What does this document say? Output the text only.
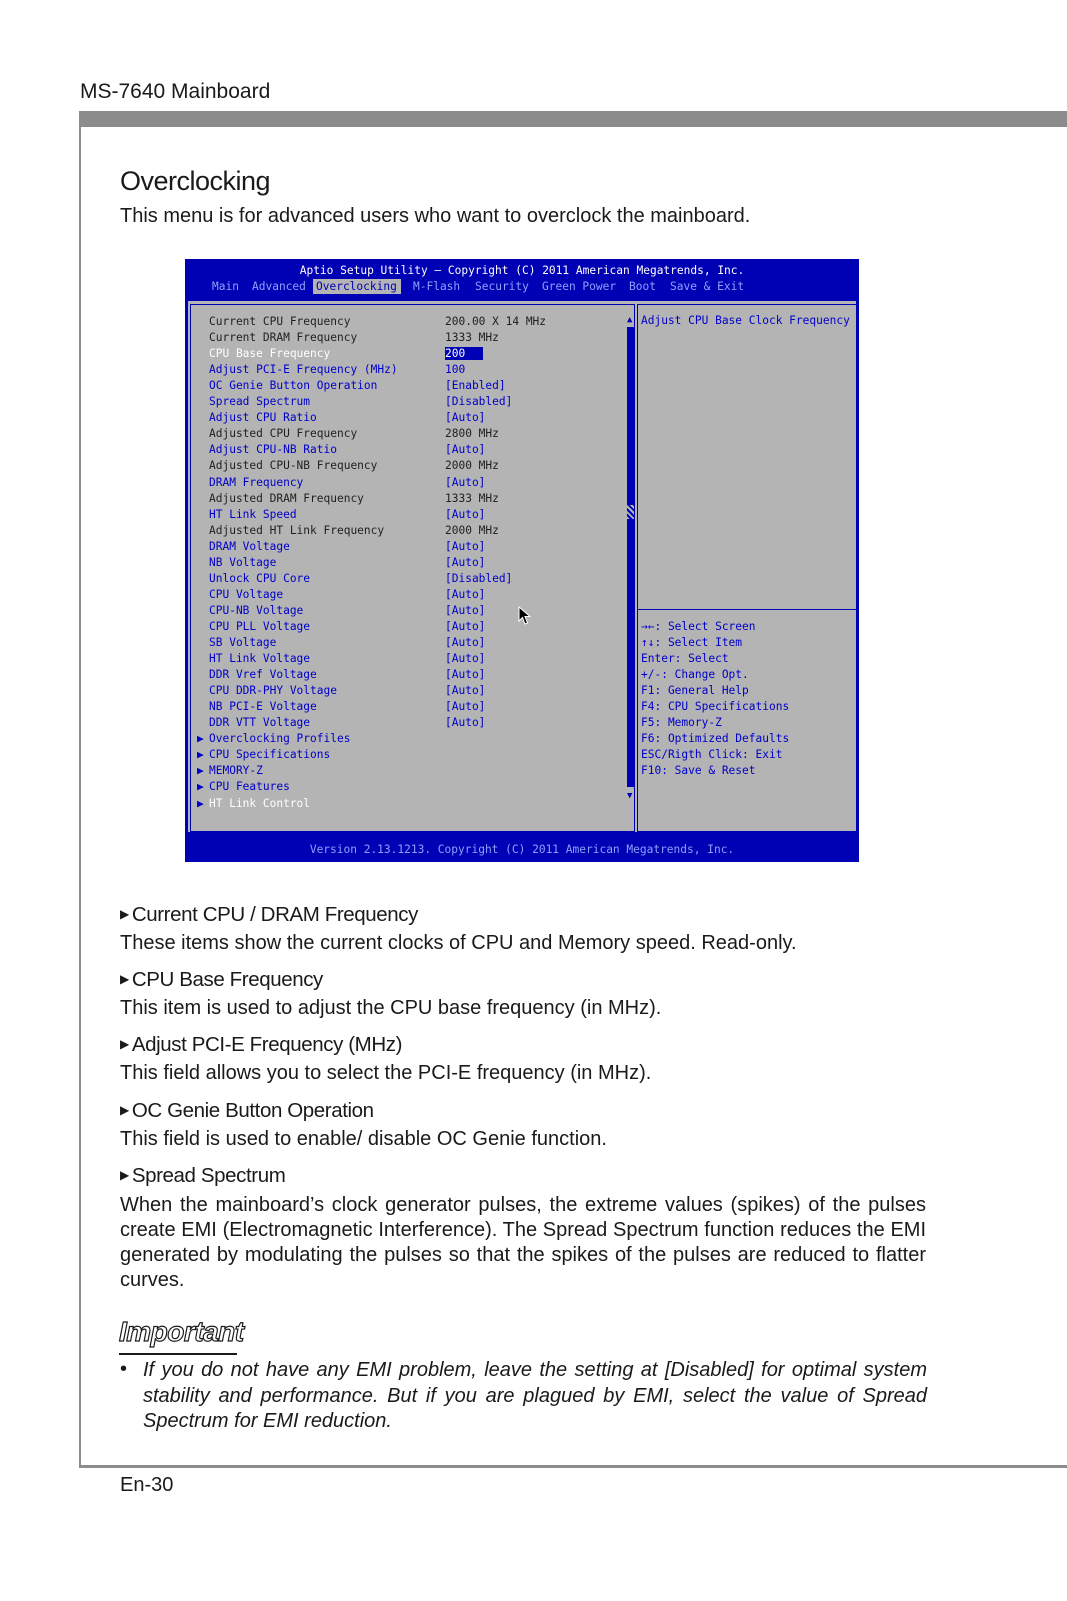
MS-7640 Mainboard
Overclocking
This menu is for advanced users who want to overclock the mainboard.
Aptio Setup Utility – Copyright (C) 2011 American Megatrends, Inc.
Main Advanced Overclocking	M-Flash Security Green Power Boot Save & Exit
▲
▼
Current CPU Frequency	200.00 X 14 MHz
Current DRAM Frequency	1333 MHz
CPU Base Frequency	200
Adjust PCI-E Frequency (MHz)	100
OC Genie Button Operation	[Enabled]
Spread Spectrum	[Disabled]
Adjust CPU Ratio	[Auto]
Adjusted CPU Frequency	2800 MHz
Adjust CPU-NB Ratio	[Auto]
Adjusted CPU-NB Frequency	2000 MHz
DRAM Frequency	[Auto]
Adjusted DRAM Frequency	1333 MHz
HT Link Speed	[Auto]
Adjusted HT Link Frequency	2000 MHz
DRAM Voltage	[Auto]
NB Voltage	[Auto]
Unlock CPU Core	[Disabled]
CPU Voltage	[Auto]
CPU-NB Voltage	[Auto]
CPU PLL Voltage	[Auto]
SB Voltage	[Auto]
HT Link Voltage	[Auto]
DDR Vref Voltage	[Auto]
CPU DDR-PHY Voltage	[Auto]
NB PCI-E Voltage	[Auto]
DDR VTT Voltage	[Auto]
▶ Overclocking Profiles
▶ CPU Specifications
▶ MEMORY-Z
▶ CPU Features
▶ HT Link Control
Adjust CPU Base Clock Frequency
→←: Select Screen
↑↓: Select Item
Enter: Select
+/-: Change Opt.
F1: General Help
F4: CPU Specifications
F5: Memory-Z
F6: Optimized Defaults
ESC/Rigth Click: Exit
F10: Save & Reset
Version 2.13.1213. Copyright (C) 2011 American Megatrends, Inc.
▶ Current CPU / DRAM Frequency
These items show the current clocks of CPU and Memory speed. Read-only.
▶ CPU Base Frequency
This item is used to adjust the CPU base frequency (in MHz).
▶ Adjust PCI-E Frequency (MHz)
This field allows you to select the PCI-E frequency (in MHz).
▶ OC Genie Button Operation
This field is used to enable/ disable OC Genie function.
▶ Spread Spectrum
When the mainboard’s clock generator pulses, the extreme values (spikes) of the pulses create EMI (Electromagnetic Interference). The Spread Spectrum function reduces the EMI generated by modulating the pulses so that the spikes of the pulses are reduced to flatter curves.
Important
• If you do not have any EMI problem, leave the setting at [Disabled] for optimal system stability and performance. But if you are plagued by EMI, select the value of Spread Spectrum for EMI reduction.
En-30
